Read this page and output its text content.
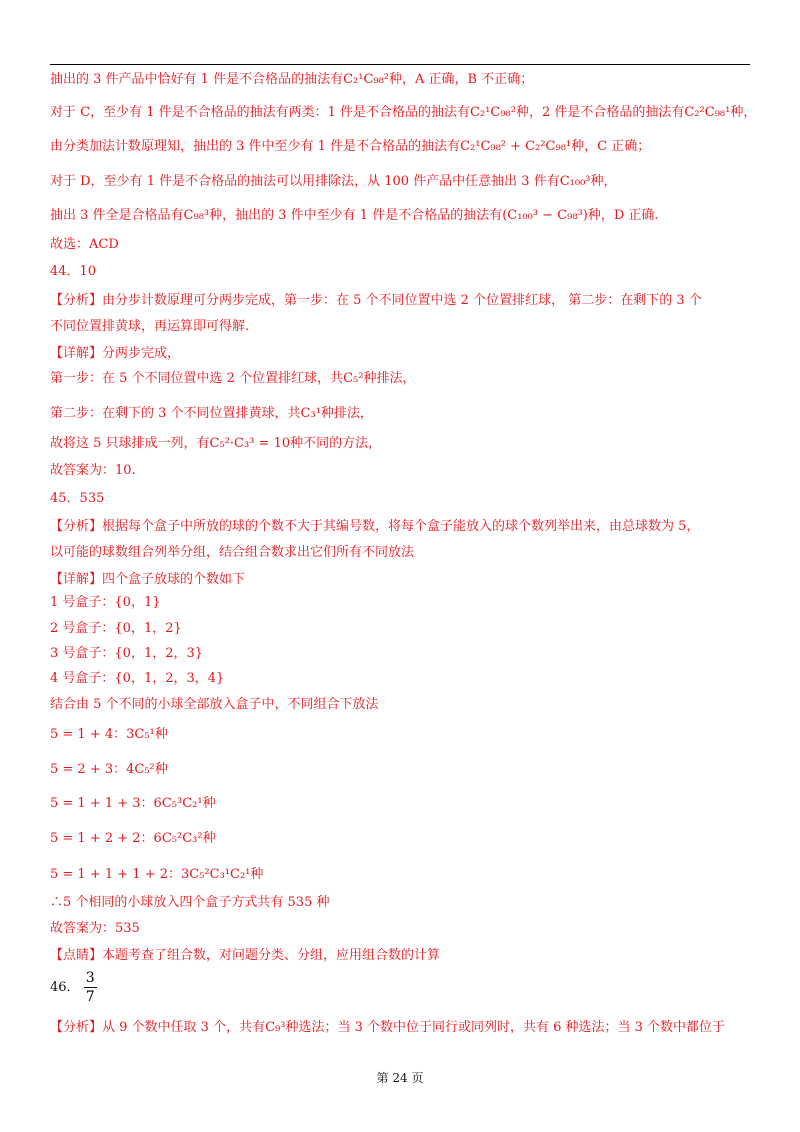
抽出的 3 件产品中恰好有 1 件是不合格品的抽法有C₂¹C₉₈²种，A 正确，B 不正确；
对于 C，至少有 1 件是不合格品的抽法有两类：1 件是不合格品的抽法有C₂¹C₉₈²种，2 件是不合格品的抽法有C₂²C₉₈¹种，
由分类加法计数原理知，抽出的 3 件中至少有 1 件是不合格品的抽法有C₂¹C₉₈² + C₂²C₉₈¹种，C 正确；
对于 D，至少有 1 件是不合格品的抽法可以用排除法，从 100 件产品中任意抽出 3 件有C₁₀₀³种，
抽出 3 件全是合格品有C₉₈³种，抽出的 3 件中至少有 1 件是不合格品的抽法有(C₁₀₀³ − C₉₈³)种，D 正确.
故选：ACD
44．10
【分析】由分步计数原理可分两步完成，第一步：在 5 个不同位置中选 2 个位置排红球， 第二步：在剩下的 3 个
不同位置排黄球，再运算即可得解.
【详解】分两步完成，
第一步：在 5 个不同位置中选 2 个位置排红球，共C₅²种排法，
第二步：在剩下的 3 个不同位置排黄球，共C₃¹种排法，
故将这 5 只球排成一列，有C₅²·C₃³ = 10种不同的方法，
故答案为：10.
45．535
【分析】根据每个盒子中所放的球的个数不大于其编号数，将每个盒子能放入的球个数列举出来，由总球数为 5，
以可能的球数组合列举分组，结合组合数求出它们所有不同放法
【详解】四个盒子放球的个数如下
1 号盒子：{0，1}
2 号盒子：{0，1，2}
3 号盒子：{0，1，2，3}
4 号盒子：{0，1，2，3，4}
结合由 5 个不同的小球全部放入盒子中，不同组合下放法
5 = 1 + 4：3C₅¹种
5 = 2 + 3：4C₅²种
5 = 1 + 1 + 3：6C₅³C₂¹种
5 = 1 + 2 + 2：6C₅²C₃²种
5 = 1 + 1 + 1 + 2：3C₅²C₃¹C₂¹种
∴5 个相同的小球放入四个盒子方式共有 535 种
故答案为：535
【点睛】本题考查了组合数，对问题分类、分组，应用组合数的计算
46． $\frac{3}{7}$
【分析】从 9 个数中任取 3 个，共有C₉³种选法；当 3 个数中位于同行或同列时，共有 6 种选法；当 3 个数中都位于
第 24 页
